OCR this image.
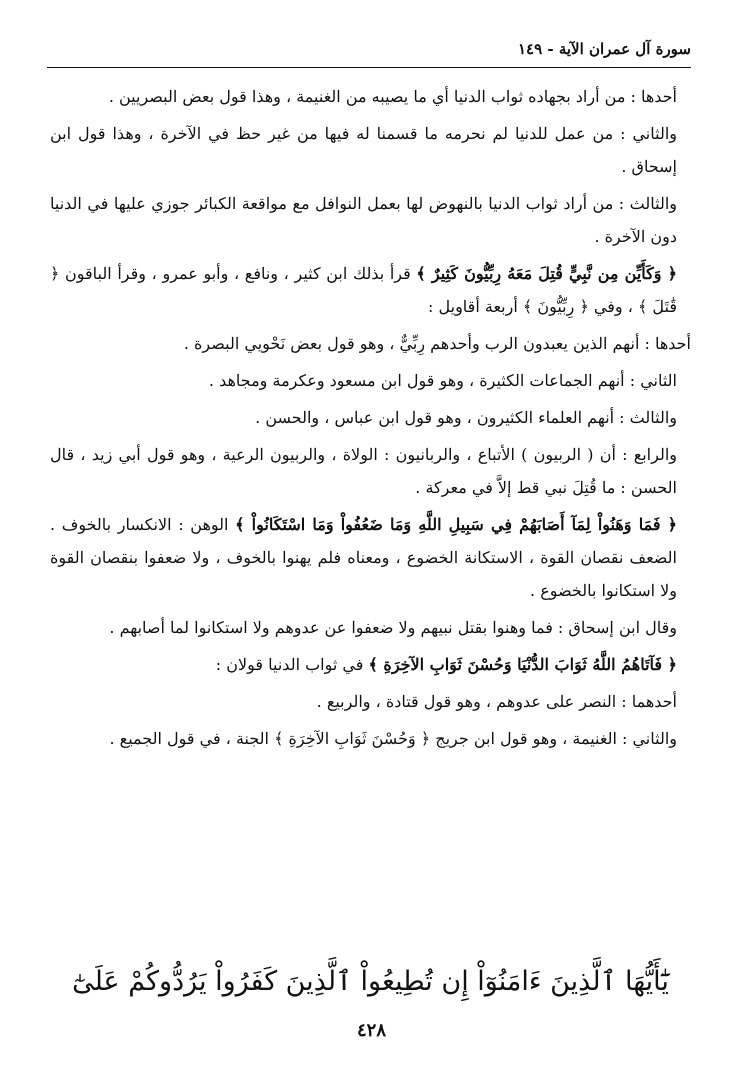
سورة آل عمران الآية - ١٤٩

أحدها : من أراد بجهاده ثواب الدنيا أي ما يصيبه من الغنيمة ، وهذا قول بعض البصريين .

والثاني : من عمل للدنيا لم نحرمه ما قسمنا له فيها من غير حظ في الآخرة ، وهذا قول ابن إسحاق .

والثالث : من أراد ثواب الدنيا بالنهوض لها بعمل النوافل مع مواقعة الكبائر جوزي عليها في الدنيا دون الآخرة .

﴿ وَكَأَيِّن مِن نَّبِيٍّ قُتِلَ مَعَهُ رِبِّيُّونَ كَثِيرٌ ﴾ قرأ بذلك ابن كثير ، ونافع ، وأبو عمرو ، وقرأ الباقون ﴿ قَٰتَلَ ﴾ ، وفي ﴿ رِبِّيُّونَ ﴾ أربعة أقاويل :

أحدها : أنهم الذين يعبدون الرب وأحدهم رِبِّيٌّ ، وهو قول بعض نَحْويي البصرة .

الثاني : أنهم الجماعات الكثيرة ، وهو قول ابن مسعود وعكرمة ومجاهد .

والثالث : أنهم العلماء الكثيرون ، وهو قول ابن عباس ، والحسن .

والرابع : أن ( الربيون ) الأتباع ، والربانيون : الولاة ، والربيون الرعية ، وهو قول أبي زيد ، قال الحسن : ما قُتِلَ نبي قط إلاَّ في معركة .

﴿ فَمَا وَهَنُواْ لِمَآ أَصَابَهُمْ فِي سَبِيلِ اللَّهِ وَمَا ضَعُفُواْ وَمَا اسْتَكَانُواْ ﴾ الوهن : الانكسار بالخوف . الضعف نقصان القوة ، الاستكانة الخضوع ، ومعناه فلم يهنوا بالخوف ، ولا ضعفوا بنقصان القوة ولا استكانوا بالخضوع .

وقال ابن إسحاق : فما وهنوا بقتل نبيهم ولا ضعفوا عن عدوهم ولا استكانوا لما أصابهم .

﴿ فَآتَاهُمُ اللَّهُ ثَوَابَ الدُّنْيَا وَحُسْنَ ثَوَابِ الآخِرَةِ ﴾ في ثواب الدنيا قولان :

أحدهما : النصر على عدوهم ، وهو قول قتادة ، والربيع .

والثاني : الغنيمة ، وهو قول ابن جريج ﴿ وَحُسْنَ ثَوَابِ الآخِرَةِ ﴾ الجنة ، في قول الجميع .

يَٰٓأَيُّهَا ٱلَّذِينَ ءَامَنُوٓاْ إِن تُطِيعُواْ ٱلَّذِينَ كَفَرُواْ يَرُدُّوكُمْ عَلَىٰٓ
٤٢٨
